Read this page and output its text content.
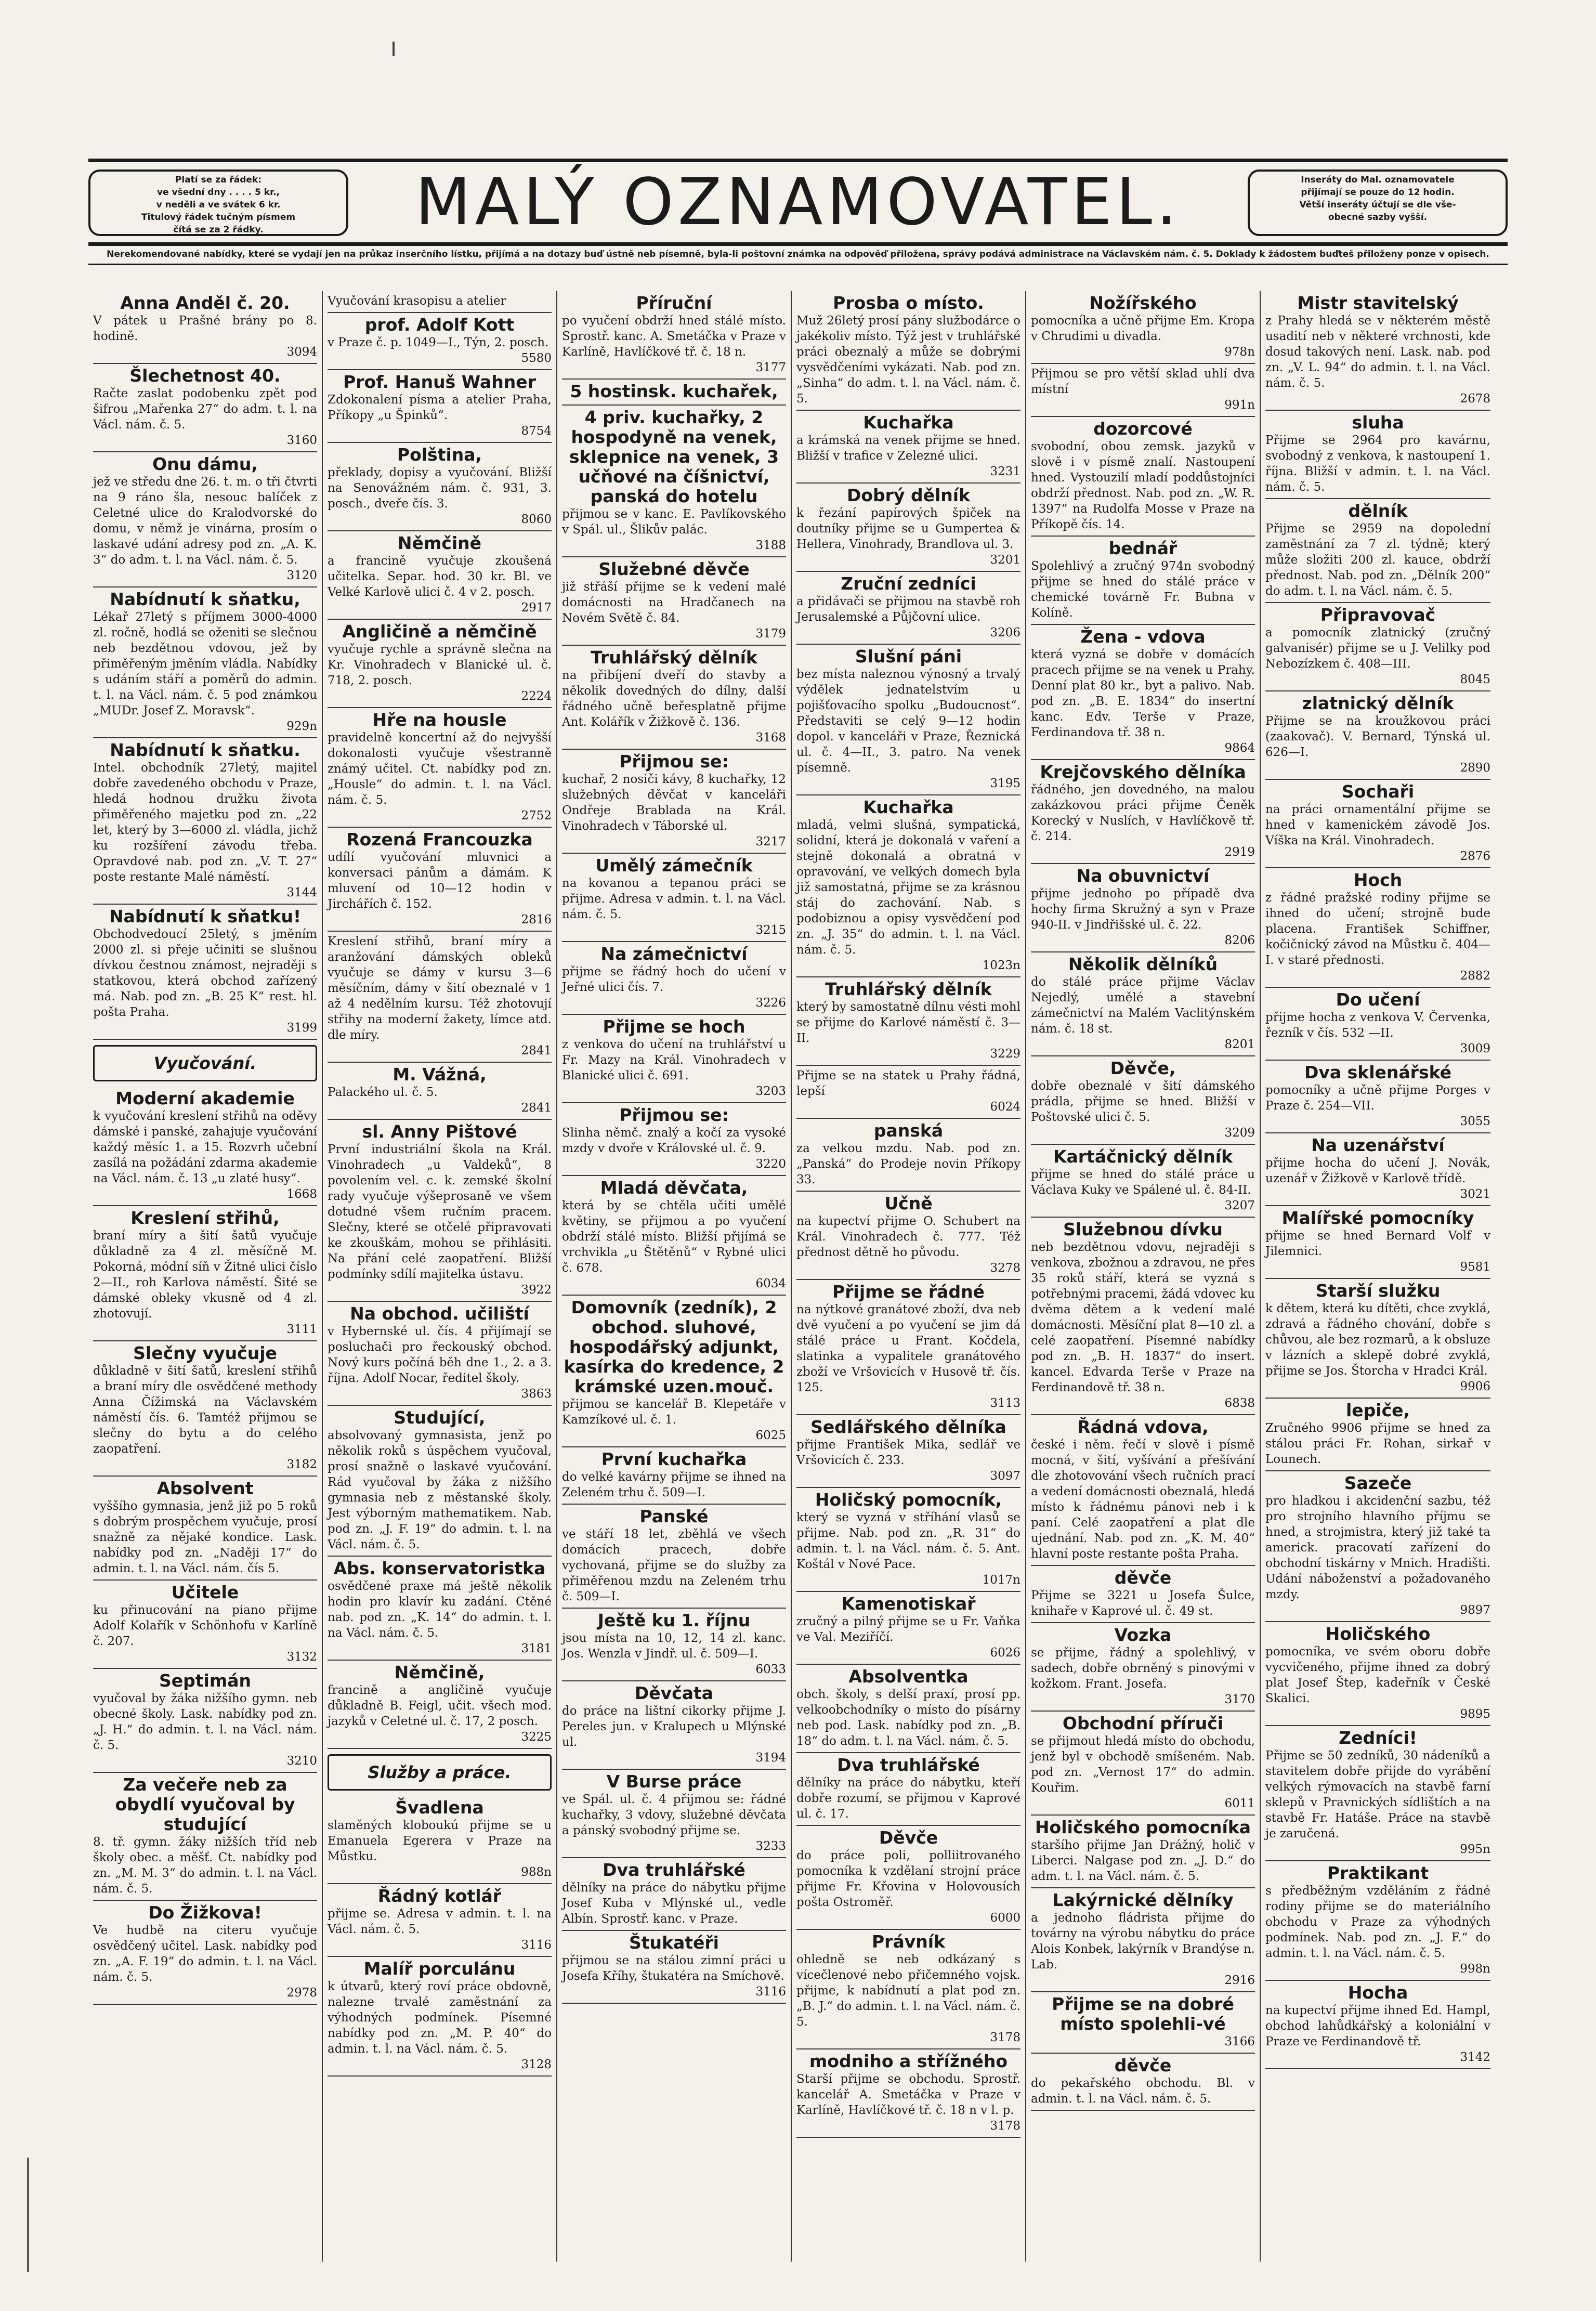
Platí se za řádek:
ve všední dny . . . . 5 kr.,
v neděli a ve svátek 6 kr.
Titulový řádek tučným písmem
čítá se za 2 řádky.	MALÝ OZNAMOVATEL.	Inseráty do Mal. oznamovatele
přijímají se pouze do 12 hodin.
Větší inseráty účtují se dle vše-
obecné sazby vyšší.
Nerekomendované nabídky, které se vydají jen na průkaz inserčního lístku, přijímá a na dotazy buď ústně neb písemně, byla-li poštovní známka na odpověď přiložena, správy podává administrace na Václavském nám. č. 5. Doklady k žádostem buďteš přiloženy ponze v opisech.
Anna Anděl č. 20.

V pátek u Prašné brány po 8. hodině.

3094
Šlechetnost 40.

Račte zaslat podobenku zpět pod šifrou „Mařenka 27“ do adm. t. l. na Václ. nám. č. 5.

3160
Onu dámu,

jež ve středu dne 26. t. m. o tři čtvrti na 9 ráno šla, nesouc balíček z Celetné ulice do Kralodvorské do domu, v němž je vinárna, prosím o laskavé udání adresy pod zn. „A. K. 3“ do adm. t. l. na Václ. nám. č. 5.

3120
Nabídnutí k sňatku,

Lékař 27letý s příjmem 3000-4000 zl. ročně, hodlá se oženiti se slečnou neb bezdětnou vdovou, jež by přiměřeným jměním vládla. Nabídky s udáním stáří a poměrů do admin. t. l. na Václ. nám. č. 5 pod známkou „MUDr. Josef Z. Moravsk“.

929n
Nabídnutí k sňatku.

Intel. obchodník 27letý, majitel dobře zavedeného obchodu v Praze, hledá hodnou družku života přiměřeného majetku pod zn. „22 let, který by 3—6000 zl. vládla, jichž ku rozšíření závodu třeba. Opravdové nab. pod zn. „V. T. 27“ poste restante Malé náměstí.

3144
Nabídnutí k sňatku!

Obchodvedoucí 25letý, s jměním 2000 zl. si přeje učiniti se slušnou dívkou čestnou známost, nejraději s statkovou, která obchod zařízený má. Nab. pod zn. „B. 25 K“ rest. hl. pošta Praha.

3199
Vyučování.
Moderní akademie

k vyučování kreslení střihů na oděvy dámské i panské, zahajuje vyučování každý měsíc 1. a 15. Rozvrh učební zasílá na požádání zdarma akademie na Václ. nám. č. 13 „u zlaté husy“.

1668
Kreslení střihů,

braní míry a šití šatů vyučuje důkladně za 4 zl. měsíčně M. Pokorná, módní síň v Žitné ulici číslo 2—II., roh Karlova náměstí. Šité se dámské obleky vkusně od 4 zl. zhotovují.

3111
Slečny vyučuje

důkladně v šití šatů, kreslení střihů a braní míry dle osvědčené methody Anna Čížimská na Václavském náměstí čís. 6. Tamtéž přijmou se slečny do bytu a do celého zaopatření.

3182
Absolvent

vyššího gymnasia, jenž již po 5 roků s dobrým prospěchem vyučuje, prosí snažně za nějaké kondice. Lask. nabídky pod zn. „Naději 17“ do admin. t. l. na Václ. nám. čís 5.

Učitele

ku přinucování na piano přijme Adolf Kolařík v Schönhofu v Karlíně č. 207.

3132
Septimán

vyučoval by žáka nižšího gymn. neb obecné školy. Lask. nabídky pod zn. „J. H.“ do admin. t. l. na Václ. nám. č. 5.

3210
Za večeře neb za obydlí vyučoval by studující

8. tř. gymn. žáky nižších tříd neb školy obec. a měšť. Ct. nabídky pod zn. „M. M. 3“ do admin. t. l. na Václ. nám. č. 5.

Do Žižkova!

Ve hudbě na citeru vyučuje osvědčený učitel. Lask. nabídky pod zn. „A. F. 19“ do admin. t. l. na Václ. nám. č. 5.

2978

Vyučování krasopisu a atelier

prof. Adolf Kott

v Praze č. p. 1049—I., Týn, 2. posch.

5580
Prof. Hanuš Wahner

Zdokonalení písma a atelier Praha, Příkopy „u Špinků“.

8754
Polština,

překlady, dopisy a vyučování. Bližší na Senovážném nám. č. 931, 3. posch., dveře čís. 3.

8060
Němčině

a francině vyučuje zkoušená učitelka. Separ. hod. 30 kr. Bl. ve Velké Karlově ulici č. 4 v 2. posch.

2917
Angličině a němčině

vyučuje rychle a správně slečna na Kr. Vinohradech v Blanické ul. č. 718, 2. posch.

2224
Hře na housle

pravidelně koncertní až do nejvyšší dokonalosti vyučuje všestranně známý učitel. Ct. nabídky pod zn. „Housle“ do admin. t. l. na Václ. nám. č. 5.

2752
Rozená Francouzka

udílí vyučování mluvnici a konversaci pánům a dámám. K mluvení od 10—12 hodin v Jirchářích č. 152.

2816

Kreslení střihů, braní míry a aranžování dámských obleků vyučuje se dámy v kursu 3—6 měsíčním, dámy v šití obeznalé v 1 až 4 nedělním kursu. Též zhotovují střihy na moderní žakety, límce atd. dle míry.

2841
M. Vážná,

Palackého ul. č. 5.

2841
sl. Anny Pištové

První industriální škola na Král. Vinohradech „u Valdeků“, 8 povolením vel. c. k. zemské školní rady vyučuje výšeprosaně ve všem dotudné všem ručním pracem. Slečny, které se otčelé připravovati ke zkouškám, mohou se přihlásiti. Na přání celé zaopatření. Bližší podmínky sdílí majitelka ústavu.

3922
Na obchod. učiliští

v Hybernské ul. čís. 4 přijímají se posluchači pro řeckouský obchod. Nový kurs počíná běh dne 1., 2. a 3. října. Adolf Nocar, ředitel školy.

3863
Studující,

absolvovaný gymnasista, jenž po několik roků s úspěchem vyučoval, prosí snažně o laskavé vyučování. Rád vyučoval by žáka z nižšího gymnasia neb z městanské školy. Jest výborným mathematikem. Nab. pod zn. „J. F. 19“ do admin. t. l. na Václ. nám. č. 5.

Abs. konservatoristka

osvědčené praxe má ještě několik hodin pro klavír ku zadání. Ctěné nab. pod zn. „K. 14“ do admin. t. l. na Václ. nám. č. 5.

3181
Němčině,

francině a angličině vyučuje důkladně B. Feigl, učit. všech mod. jazyků v Celetné ul. č. 17, 2 posch.

3225
Služby a práce.
Švadlena

slaměných kloboukú přijme se u Emanuela Egerera v Praze na Můstku.

988n
Řádný kotlář

přijme se. Adresa v admin. t. l. na Václ. nám. č. 5.

3116
Malíř porculánu

k útvarů, který roví práce obdovně, nalezne trvalé zaměstnání za výhodných podmínek. Písemné nabídky pod zn. „M. P. 40“ do admin. t. l. na Václ. nám. č. 5.

3128
Příruční

po vyučení obdrží hned stálé místo. Sprostř. kanc. A. Smetáčka v Praze v Karlíně, Havlíčkové tř. č. 18 n.

3177
5 hostinsk. kuchařek,
4 priv. kuchařky, 2 hospodyně na venek, sklepnice na venek, 3 učňové na číšnictví, panská do hotelu

přijmou se v kanc. E. Pavlíkovského v Spál. ul., Šlikův palác.

3188
Služebné děvče

již střáší přijme se k vedení malé domácnosti na Hradčanech na Novém Světě č. 84.

3179
Truhlářský dělník

na přibíjení dveří do stavby a několik dovedných do dílny, další řádného učně beřesplatně přijme Ant. Kolářík v Žižkově č. 136.

3168
Přijmou se:

kuchař, 2 nosiči kávy, 8 kuchařky, 12 služebných děvčat v kanceláři Ondřeje Brablada na Král. Vinohradech v Táborské ul.

3217
Umělý zámečník

na kovanou a tepanou práci se přijme. Adresa v admin. t. l. na Václ. nám. č. 5.

3215
Na zámečnictví

přijme se řádný hoch do učení v Jeřné ulici čís. 7.

3226
Přijme se hoch

z venkova do učení na truhlářství u Fr. Mazy na Král. Vinohradech v Blanické ulici č. 691.

3203
Přijmou se:

Slinha němč. znalý a kočí za vysoké mzdy v dvoře v Královské ul. č. 9.

3220
Mladá děvčata,

která by se chtěla učiti umělé květiny, se přijmou a po vyučení obdrží stálé místo. Bližší přijímá se vrchvikla „u Štětěnů“ v Rybné ulici č. 678.

6034
Domovník (zedník), 2 obchod. sluhové, hospodářský adjunkt, kasírka do kredence, 2 krámské uzen.mouč.

přijmou se kancelář B. Klepetáře v Kamzíkové ul. č. 1.

6025
První kuchařka

do velké kavárny přijme se ihned na Zeleném trhu č. 509—I.

Panské

ve stáří 18 let, zběhlá ve všech domácích pracech, dobře vychovaná, přijme se do služby za přiměřenou mzdu na Zeleném trhu č. 509—I.

Ještě ku 1. říjnu

jsou místa na 10, 12, 14 zl. kanc. Jos. Wenzla v Jindř. ul. č. 509—I.

6033
Děvčata

do práce na lištní cikorky přijme J. Pereles jun. v Kralupech u Mlýnské ul.

3194
V Burse práce

ve Spál. ul. č. 4 přijmou se: řádné kuchařky, 3 vdovy, služebné děvčata a pánský svobodný přijme se.

3233
Dva truhlářské

dělníky na práce do nábytku přijme Josef Kuba v Mlýnské ul., vedle Albín. Sprostř. kanc. v Praze.

Štukatéři

přijmou se na stálou zimní práci u Josefa Kříhy, štukatéra na Smíchově.

3116
Prosba o místo.

Muž 26letý prosí pány službodárce o jakékoliv místo. Týž jest v truhlářské práci obeznalý a může se dobrými vysvědčeními vykázati. Nab. pod zn. „Sinha“ do adm. t. l. na Václ. nám. č. 5.

Kuchařka

a krámská na venek přijme se hned. Bližší v trafice v Zelezné ulici.

3231
Dobrý dělník

k řezání papírových špiček na doutníky přijme se u Gumpertea & Hellera, Vinohrady, Brandlova ul. 3.

3201
Zruční zedníci

a přidávači se přijmou na stavbě roh Jerusalemské a Půjčovní ulice.

3206
Slušní páni

bez místa naleznou výnosný a trvalý výdělek jednatelstvím u pojišťovacího spolku „Budoucnost“. Představiti se celý 9—12 hodin dopol. v kanceláři v Praze, Řeznická ul. č. 4—II., 3. patro. Na venek písemně.

3195
Kuchařka

mladá, velmi slušná, sympatická, solidní, která je dokonalá v vaření a stejně dokonalá a obratná v opravování, ve velkých domech byla již samostatná, přijme se za krásnou stáj do zachování. Nab. s podobiznou a opisy vysvědčení pod zn. „J. 35“ do admin. t. l. na Václ. nám. č. 5.

1023n
Truhlářský dělník

který by samostatně dílnu vésti mohl se přijme do Karlové náměstí č. 3—II.

3229

Přijme se na statek u Prahy řádná, lepší

6024
panská

za velkou mzdu. Nab. pod zn. „Panská“ do Prodeje novin Příkopy 33.

Učně

na kupectví přijme O. Schubert na Král. Vinohradech č. 777. Též přednost dětně ho původu.

3278
Přijme se řádné

na nýtkové granátové zboží, dva neb dvě vyučení a po vyučení se jim dá stálé práce u Frant. Kočdela, slatinka a vypalitele granátového zboží ve Vršovicích v Husově tř. čís. 125.

3113
Sedlářského dělníka

přijme František Mika, sedlář ve Vršovicích č. 233.

3097
Holičský pomocník,

který se vyzná v stříhání vlasů se přijme. Nab. pod zn. „R. 31“ do admin. t. l. na Václ. nám. č. 5. Ant. Koštál v Nové Pace.

1017n
Kamenotiskař

zručný a pilný přijme se u Fr. Vaňka ve Val. Meziříčí.

6026
Absolventka

obch. školy, s delší praxí, prosí pp. velkoobchodníky o místo do písárny neb pod. Lask. nabídky pod zn. „B. 18“ do adm. t. l. na Václ. nám. č. 5.

Dva truhlářské

dělníky na práce do nábytku, kteří dobře rozumí, se přijmou v Kaprové ul. č. 17.

Děvče

do práce poli, polliitrovaného pomocníka k vzdělaní strojní práce přijme Fr. Křovina v Holovousích pošta Ostroměř.

6000
Právník

ohledně se neb odkázaný s vícečlenové nebo přičemného vojsk. přijme, k nabídnutí a plat pod zn. „B. J.“ do admin. t. l. na Václ. nám. č. 5.

3178
modniho a střížného

Starší přijme se obchodu. Sprostř. kancelář A. Smetáčka v Praze v Karlíně, Havlíčkové tř. č. 18 n v l. p.

3178
Nožířského

pomocníka a učně přijme Em. Kropa v Chrudimi u divadla.

978n

Přijmou se pro větší sklad uhlí dva místní

991n
dozorcové

svobodní, obou zemsk. jazyků v slově i v písmě znalí. Nastoupení hned. Vystouzilí mladí poddůstojníci obdrží přednost. Nab. pod zn. „W. R. 1397“ na Rudolfa Mosse v Praze na Příkopě čís. 14.

bednář

Spolehlivý a zručný 974n svobodný přijme se hned do stálé práce v chemické továrně Fr. Bubna v Kolíně.

Žena - vdova

která vyzná se dobře v domácích pracech přijme se na venek u Prahy. Denní plat 80 kr., byt a palivo. Nab. pod zn. „B. E. 1834“ do insertní kanc. Edv. Terše v Praze, Ferdinandova tř. 38 n.

9864
Krejčovského dělníka

řádného, jen dovedného, na malou zakázkovou práci přijme Čeněk Korecký v Nuslích, v Havlíčkově tř. č. 214.

2919
Na obuvnictví

přijme jednoho po případě dva hochy firma Skružný a syn v Praze 940-II. v Jindřišské ul. č. 22.

8206
Několik dělníků

do stálé práce přijme Václav Nejedlý, umělé a stavební zámečnictví na Malém Vaclitýnském nám. č. 18 st.

8201
Děvče,

dobře obeznalé v šití dámského prádla, přijme se hned. Bližší v Poštovské ulici č. 5.

3209
Kartáčnický dělník

přijme se hned do stálé práce u Václava Kuky ve Spálené ul. č. 84-II.

3207
Služebnou dívku

neb bezdětnou vdovu, nejraději s venkova, zbožnou a zdravou, ne přes 35 roků stáří, která se vyzná s potřebnými pracemi, žádá vdovec ku dvěma dětem a k vedení malé domácnosti. Měsíční plat 8—10 zl. a celé zaopatření. Písemné nabídky pod zn. „B. H. 1837“ do insert. kancel. Edvarda Terše v Praze na Ferdinandově tř. 38 n.

6838
Řádná vdova,

české i něm. řečí v slově i písmě mocná, v šití, vyšívání a přešívání dle zhotovování všech ručních prací a vedení domácnosti obeznalá, hledá místo k řádnému pánovi neb i k paní. Celé zaopatření a plat dle ujednání. Nab. pod zn. „K. M. 40“ hlavní poste restante pošta Praha.

děvče

Přijme se 3221 u Josefa Šulce, knihaře v Kaprové ul. č. 49 st.

Vozka

se přijme, řádný a spolehlivý, v sadech, dobře obrněný s pinovými v kožkom. Frant. Josefa.

3170
Obchodní příruči

se přijmout hledá místo do obchodu, jenž byl v obchodě smíšeném. Nab. pod zn. „Vernost 17“ do admin. Kouřim.

6011
Holičského pomocníka

staršího přijme Jan Drážný, holič v Liberci. Nalgase pod zn. „J. D.“ do adm. t. l. na Václ. nám. č. 5.

Lakýrnické dělníky

a jednoho fládrista přijme do továrny na výrobu nábytku do práce Alois Konbek, lakýrník v Brandýse n. Lab.

2916
Přijme se na dobré místo spolehli-vé
3166
děvče

do pekařského obchodu. Bl. v admin. t. l. na Václ. nám. č. 5.

Mistr stavitelský

z Prahy hledá se v některém městě usadití neb v některé vrchnosti, kde dosud takových není. Lask. nab. pod zn. „V. L. 94“ do admin. t. l. na Václ. nám. č. 5.

2678
sluha

Přijme se 2964 pro kavárnu, svobodný z venkova, k nastoupení 1. října. Bližší v admin. t. l. na Václ. nám. č. 5.

dělník

Přijme se 2959 na dopolední zaměstnání za 7 zl. týdně; který může složiti 200 zl. kauce, obdrží přednost. Nab. pod zn. „Dělník 200“ do adm. t. l. na Václ. nám. č. 5.

Připravovač

a pomocník zlatnický (zručný galvanisér) přijme se u J. Velilky pod Nebozízkem č. 408—III.

8045
zlatnický dělník

Přijme se na kroužkovou práci (zaakovač). V. Bernard, Týnská ul. 626—I.

2890
Sochaři

na práci ornamentální přijme se hned v kamenickém závodě Jos. Víška na Král. Vinohradech.

2876
Hoch

z řádné pražské rodiny přijme se ihned do učení; strojně bude placena. František Schiffner, kočičnický závod na Můstku č. 404—I. v staré přednosti.

2882
Do učení

přijme hocha z venkova V. Červenka, řezník v čís. 532 —II.

3009
Dva sklenářské

pomocníky a učně přijme Porges v Praze č. 254—VII.

3055
Na uzenářství

přijme hocha do učení J. Novák, uzenář v Žižkově v Karlově třídě.

3021
Malířské pomocníky

přijme se hned Bernard Volf v Jilemnici.

9581
Starší služku

k dětem, která ku dítěti, chce zvyklá, zdravá a řádného chování, dobře s chůvou, ale bez rozmarů, a k obsluze v lázních a sklepě dobré zvyklá, přijme se Jos. Štorcha v Hradci Král.

9906
lepiče,

Zručného 9906 přijme se hned za stálou práci Fr. Rohan, sirkař v Lounech.

Sazeče

pro hladkou i akcidenční sazbu, též pro strojního hlavního příjmu se hned, a strojmistra, který již také ta americk. pracovatí zařízení do obchodní tiskárny v Mnich. Hradišti. Udání náboženství a požadovaného mzdy.

9897
Holičského

pomocníka, ve svém oboru dobře vycvičeného, přijme ihned za dobrý plat Josef Štep, kadeřník v České Skalici.

9895
Zedníci!

Přijme se 50 zedníků, 30 nádeníků a stavitelem dobře přijde do vyrábění velkých rýmovacích na stavbě farní sklepů v Pravnických sídlištích a na stavbě Fr. Hatáše. Práce na stavbě je zaručená.

995n
Praktikant

s předběžným vzděláním z řádné rodiny přijme se do materiálního obchodu v Praze za výhodných podmínek. Nab. pod zn. „J. F.“ do admin. t. l. na Václ. nám. č. 5.

998n
Hocha

na kupectví přijme ihned Ed. Hampl, obchod lahůdkářský a koloniální v Praze ve Ferdinandově tř.

3142
